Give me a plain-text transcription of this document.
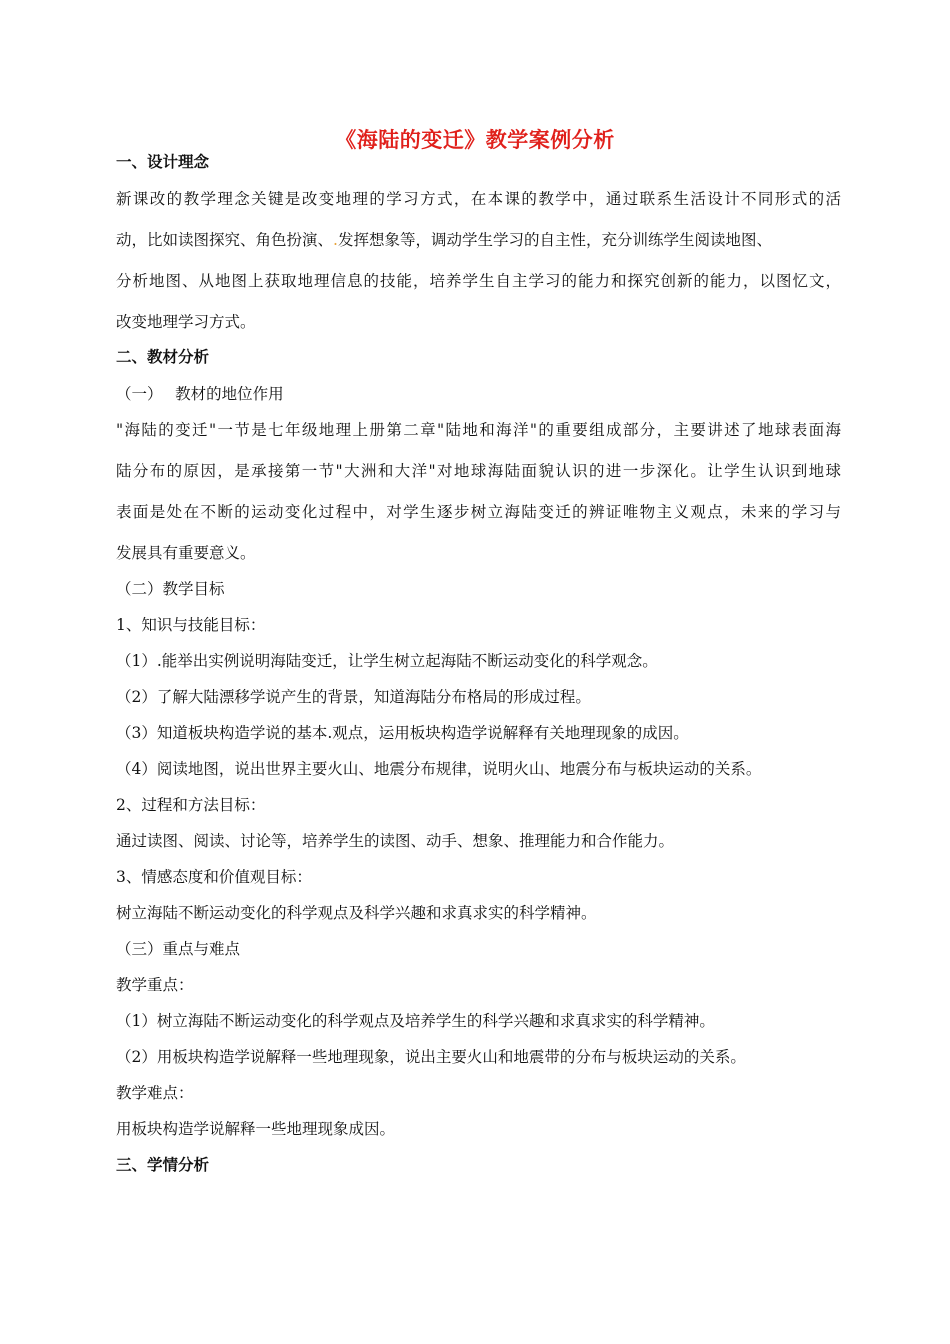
《海陆的变迁》教学案例分析
一、设计理念
新课改的教学理念关键是改变地理的学习方式，在本课的教学中，通过联系生活设计不同形式的活
动，比如读图探究、角色扮演、.发挥想象等，调动学生学习的自主性，充分训练学生阅读地图、
分析地图、从地图上获取地理信息的技能，培养学生自主学习的能力和探究创新的能力，以图忆文，
改变地理学习方式。
二、教材分析
（一）　 教材的地位作用
"海陆的变迁"一节是七年级地理上册第二章"陆地和海洋"的重要组成部分，主要讲述了地球表面海
陆分布的原因，是承接第一节"大洲和大洋"对地球海陆面貌认识的进一步深化。让学生认识到地球
表面是处在不断的运动变化过程中，对学生逐步树立海陆变迁的辨证唯物主义观点，未来的学习与
发展具有重要意义。
（二）教学目标
1、知识与技能目标：
（1）.能举出实例说明海陆变迁，让学生树立起海陆不断运动变化的科学观念。
（2）了解大陆漂移学说产生的背景，知道海陆分布格局的形成过程。
（3）知道板块构造学说的基本.观点，运用板块构造学说解释有关地理现象的成因。
（4）阅读地图，说出世界主要火山、地震分布规律，说明火山、地震分布与板块运动的关系。
2、过程和方法目标：
通过读图、阅读、讨论等，培养学生的读图、动手、想象、推理能力和合作能力。
3、情感态度和价值观目标：
树立海陆不断运动变化的科学观点及科学兴趣和求真求实的科学精神。
（三）重点与难点
教学重点：
（1）树立海陆不断运动变化的科学观点及培养学生的科学兴趣和求真求实的科学精神。
（2）用板块构造学说解释一些地理现象，说出主要火山和地震带的分布与板块运动的关系。
教学难点：
用板块构造学说解释一些地理现象成因。
三、学情分析
